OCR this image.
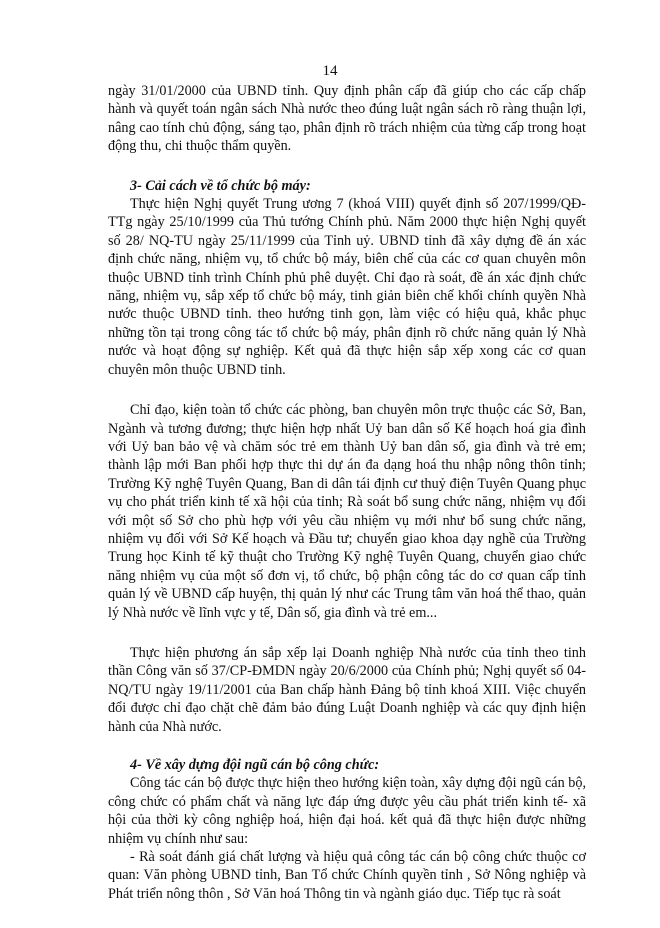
14

ngày 31/01/2000 của UBND tỉnh. Quy định phân cấp đã giúp cho các cấp chấp hành và quyết toán ngân sách Nhà nước theo đúng luật ngân sách rõ ràng thuận lợi, nâng cao tính chủ động, sáng tạo, phân định rõ trách nhiệm của từng cấp trong hoạt động thu, chi thuộc thẩm quyền.

3- Cải cách về tổ chức bộ máy:

Thực hiện Nghị quyết Trung ương 7 (khoá VIII) quyết định số 207/1999/QĐ-TTg ngày 25/10/1999 của Thủ tướng Chính phủ. Năm 2000 thực hiện Nghị quyết số 28/ NQ-TU ngày 25/11/1999 của Tỉnh uỷ. UBND tỉnh đã xây dựng đề án xác định chức năng, nhiệm vụ, tổ chức bộ máy, biên chế của các cơ quan chuyên môn thuộc UBND tỉnh trình Chính phủ phê duyệt. Chỉ đạo rà soát, đề án xác định chức năng, nhiệm vụ, sắp xếp tổ chức bộ máy, tinh giản biên chế khối chính quyền Nhà nước thuộc UBND tỉnh. theo hướng tinh gọn, làm việc có hiệu quả, khắc phục những tồn tại trong công tác tổ chức bộ máy, phân định rõ chức năng quản lý Nhà nước và hoạt động sự nghiệp. Kết quả đã thực hiện sắp xếp xong các cơ quan chuyên môn thuộc UBND tỉnh.

Chỉ đạo, kiện toàn tổ chức các phòng, ban chuyên môn trực thuộc các Sở, Ban, Ngành và tương đương; thực hiện hợp nhất Uỷ ban dân số Kế hoạch hoá gia đình với Uỷ ban bảo vệ và chăm sóc trẻ em thành Uỷ ban dân số, gia đình và trẻ em; thành lập mới Ban phối hợp thực thi dự án đa dạng hoá thu nhập nông thôn tỉnh; Trường Kỹ nghệ Tuyên Quang, Ban di dân tái định cư thuỷ điện Tuyên Quang phục vụ cho phát triển kinh tế xã hội của tỉnh; Rà soát bổ sung chức năng, nhiệm vụ đối với một số Sở cho phù hợp với yêu cầu nhiệm vụ mới như bổ sung chức năng, nhiệm vụ đối với Sở Kế hoạch và Đầu tư; chuyển giao khoa dạy nghề của Trường Trung học Kinh tế kỹ thuật cho Trường Kỹ nghệ Tuyên Quang, chuyển giao chức năng nhiệm vụ của một số đơn vị, tổ chức, bộ phận công tác do cơ quan cấp tỉnh quản lý về UBND cấp huyện, thị quản lý như các Trung tâm văn hoá thể thao, quản lý Nhà nước về lĩnh vực y tế, Dân số, gia đình và trẻ em...

Thực hiện phương án sắp xếp lại Doanh nghiệp Nhà nước của tỉnh theo tinh thần Công văn số 37/CP-ĐMDN ngày 20/6/2000 của Chính phủ; Nghị quyết số 04-NQ/TU ngày 19/11/2001 của Ban chấp hành Đảng bộ tỉnh khoá XIII. Việc chuyển đổi được chỉ đạo chặt chẽ đảm bảo đúng Luật Doanh nghiệp và các quy định hiện hành của Nhà nước.

4- Về xây dựng đội ngũ cán bộ công chức:

Công tác cán bộ được thực hiện theo hướng kiện toàn, xây dựng đội ngũ cán bộ, công chức có phẩm chất và năng lực đáp ứng được yêu cầu phát triển kinh tế- xã hội của thời kỳ công nghiệp hoá, hiện đại hoá. kết quả đã thực hiện được những nhiệm vụ chính như sau:

- Rà soát đánh giá chất lượng và hiệu quả công tác cán bộ công chức thuộc cơ quan: Văn phòng UBND tỉnh, Ban Tổ chức Chính quyền tỉnh , Sở Nông nghiệp và Phát triển nông thôn , Sở Văn hoá Thông tin và ngành giáo dục. Tiếp tục rà soát
